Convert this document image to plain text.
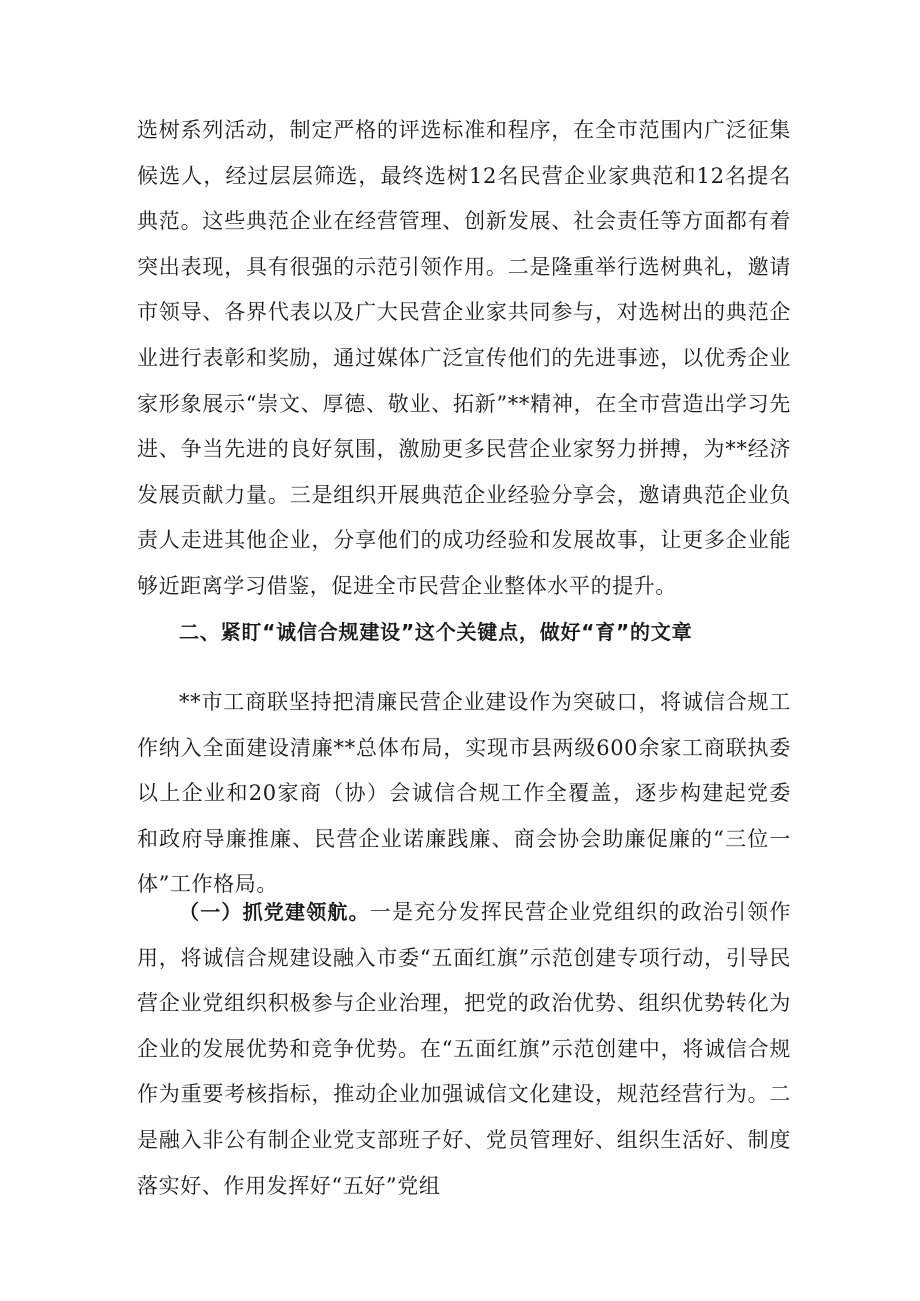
选树系列活动，制定严格的评选标准和程序，在全市范围内广泛征集候选人，经过层层筛选，最终选树12名民营企业家典范和12名提名典范。这些典范企业在经营管理、创新发展、社会责任等方面都有着突出表现，具有很强的示范引领作用。二是隆重举行选树典礼，邀请市领导、各界代表以及广大民营企业家共同参与，对选树出的典范企业进行表彰和奖励，通过媒体广泛宣传他们的先进事迹，以优秀企业家形象展示“崇文、厚德、敬业、拓新”**精神，在全市营造出学习先进、争当先进的良好氛围，激励更多民营企业家努力拼搏，为**经济发展贡献力量。三是组织开展典范企业经验分享会，邀请典范企业负责人走进其他企业，分享他们的成功经验和发展故事，让更多企业能够近距离学习借鉴，促进全市民营企业整体水平的提升。

二、紧盯“诚信合规建设”这个关键点，做好“育”的文章

**市工商联坚持把清廉民营企业建设作为突破口，将诚信合规工作纳入全面建设清廉**总体布局，实现市县两级600余家工商联执委以上企业和20家商（协）会诚信合规工作全覆盖，逐步构建起党委和政府导廉推廉、民营企业诺廉践廉、商会协会助廉促廉的“三位一体”工作格局。

（一）抓党建领航。一是充分发挥民营企业党组织的政治引领作用，将诚信合规建设融入市委“五面红旗”示范创建专项行动，引导民营企业党组织积极参与企业治理，把党的政治优势、组织优势转化为企业的发展优势和竞争优势。在“五面红旗”示范创建中，将诚信合规作为重要考核指标，推动企业加强诚信文化建设，规范经营行为。二是融入非公有制企业党支部班子好、党员管理好、组织生活好、制度落实好、作用发挥好“五好”党组
